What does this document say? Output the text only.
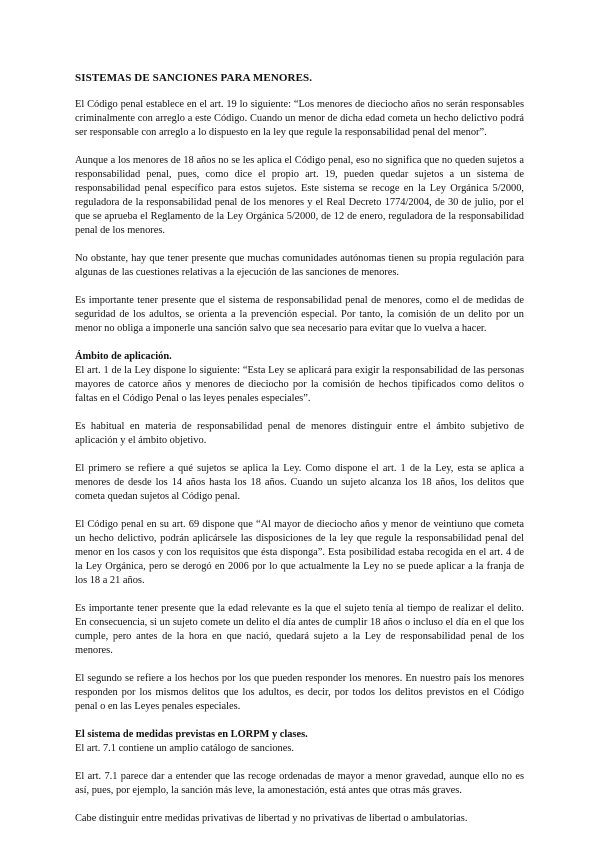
SISTEMAS DE SANCIONES PARA MENORES.

El Código penal establece en el art. 19 lo siguiente: “Los menores de dieciocho años no serán responsables criminalmente con arreglo a este Código. Cuando un menor de dicha edad cometa un hecho delictivo podrá ser responsable con arreglo a lo dispuesto en la ley que regule la responsabilidad penal del menor”.

Aunque a los menores de 18 años no se les aplica el Código penal, eso no significa que no queden sujetos a responsabilidad penal, pues, como dice el propio art. 19, pueden quedar sujetos a un sistema de responsabilidad penal específico para estos sujetos. Este sistema se recoge en la Ley Orgánica 5/2000, reguladora de la responsabilidad penal de los menores y el Real Decreto 1774/2004, de 30 de julio, por el que se aprueba el Reglamento de la Ley Orgánica 5/2000, de 12 de enero, reguladora de la responsabilidad penal de los menores.

No obstante, hay que tener presente que muchas comunidades autónomas tienen su propia regulación para algunas de las cuestiones relativas a la ejecución de las sanciones de menores.

Es importante tener presente que el sistema de responsabilidad penal de menores, como el de medidas de seguridad de los adultos, se orienta a la prevención especial. Por tanto, la comisión de un delito por un menor no obliga a imponerle una sanción salvo que sea necesario para evitar que lo vuelva a hacer.

Ámbito de aplicación.

El art. 1 de la Ley dispone lo siguiente: “Esta Ley se aplicará para exigir la responsabilidad de las personas mayores de catorce años y menores de dieciocho por la comisión de hechos tipificados como delitos o faltas en el Código Penal o las leyes penales especiales”.

Es habitual en materia de responsabilidad penal de menores distinguir entre el ámbito subjetivo de aplicación y el ámbito objetivo.

El primero se refiere a qué sujetos se aplica la Ley. Como dispone el art. 1 de la Ley, esta se aplica a menores de desde los 14 años hasta los 18 años. Cuando un sujeto alcanza los 18 años, los delitos que cometa quedan sujetos al Código penal.

El Código penal en su art. 69 dispone que “Al mayor de dieciocho años y menor de veintiuno que cometa un hecho delictivo, podrán aplicársele las disposiciones de la ley que regule la responsabilidad penal del menor en los casos y con los requisitos que ésta disponga”. Esta posibilidad estaba recogida en el art. 4 de la Ley Orgánica, pero se derogó en 2006 por lo que actualmente la Ley no se puede aplicar a la franja de los 18 a 21 años.

Es importante tener presente que la edad relevante es la que el sujeto tenía al tiempo de realizar el delito. En consecuencia, si un sujeto comete un delito el día antes de cumplir 18 años o incluso el día en el que los cumple, pero antes de la hora en que nació, quedará sujeto a la Ley de responsabilidad penal de los menores.

El segundo se refiere a los hechos por los que pueden responder los menores. En nuestro país los menores responden por los mismos delitos que los adultos, es decir, por todos los delitos previstos en el Código penal o en las Leyes penales especiales.

El sistema de medidas previstas en LORPM y clases.

El art. 7.1 contiene un amplio catálogo de sanciones.

El art. 7.1 parece dar a entender que las recoge ordenadas de mayor a menor gravedad, aunque ello no es así, pues, por ejemplo, la sanción más leve, la amonestación, está antes que otras más graves.

Cabe distinguir entre medidas privativas de libertad y no privativas de libertad o ambulatorias.
